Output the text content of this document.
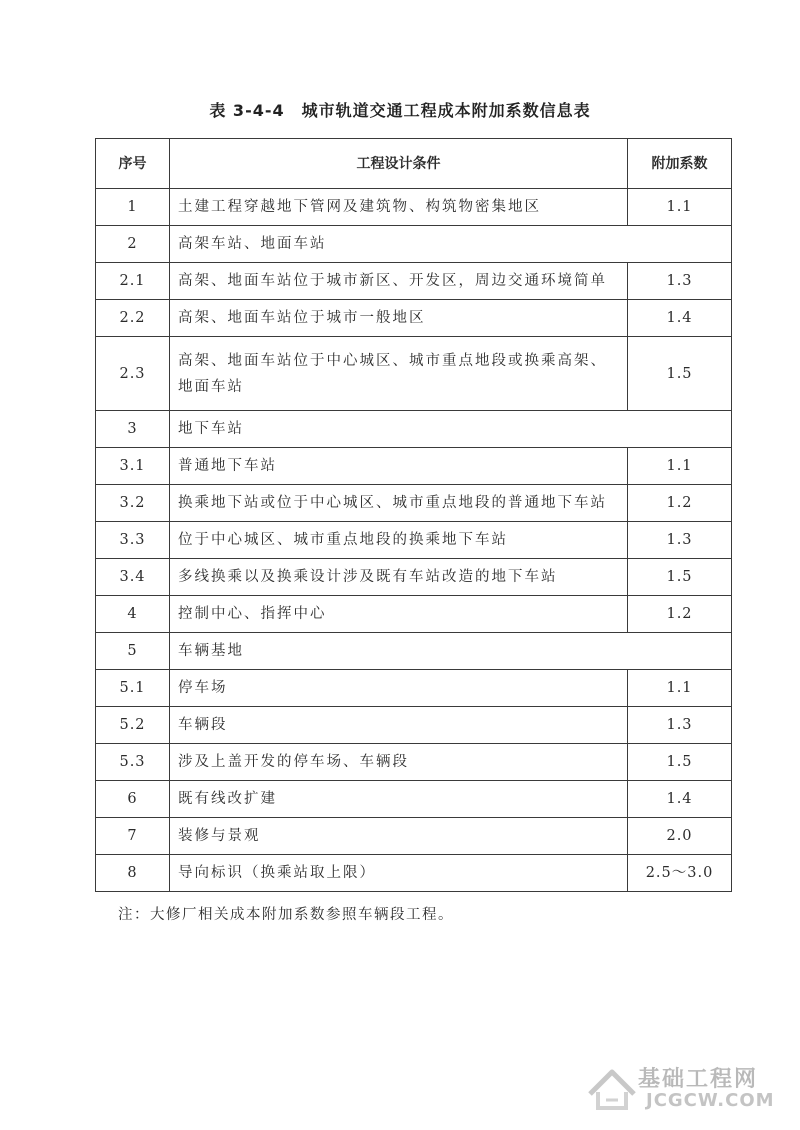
表 3-4-4　城市轨道交通工程成本附加系数信息表
序号	工程设计条件	附加系数
1	土建工程穿越地下管网及建筑物、构筑物密集地区	1.1
2	高架车站、地面车站	
2.1	高架、地面车站位于城市新区、开发区，周边交通环境简单	1.3
2.2	高架、地面车站位于城市一般地区	1.4
2.3	高架、地面车站位于中心城区、城市重点地段或换乘高架、地面车站	1.5
3	地下车站	
3.1	普通地下车站	1.1
3.2	换乘地下站或位于中心城区、城市重点地段的普通地下车站	1.2
3.3	位于中心城区、城市重点地段的换乘地下车站	1.3
3.4	多线换乘以及换乘设计涉及既有车站改造的地下车站	1.5
4	控制中心、指挥中心	1.2
5	车辆基地	
5.1	停车场	1.1
5.2	车辆段	1.3
5.3	涉及上盖开发的停车场、车辆段	1.5
6	既有线改扩建	1.4
7	装修与景观	2.0
8	导向标识（换乘站取上限）	2.5～3.0
注：大修厂相关成本附加系数参照车辆段工程。
基础工程网
JCGCW.COM
